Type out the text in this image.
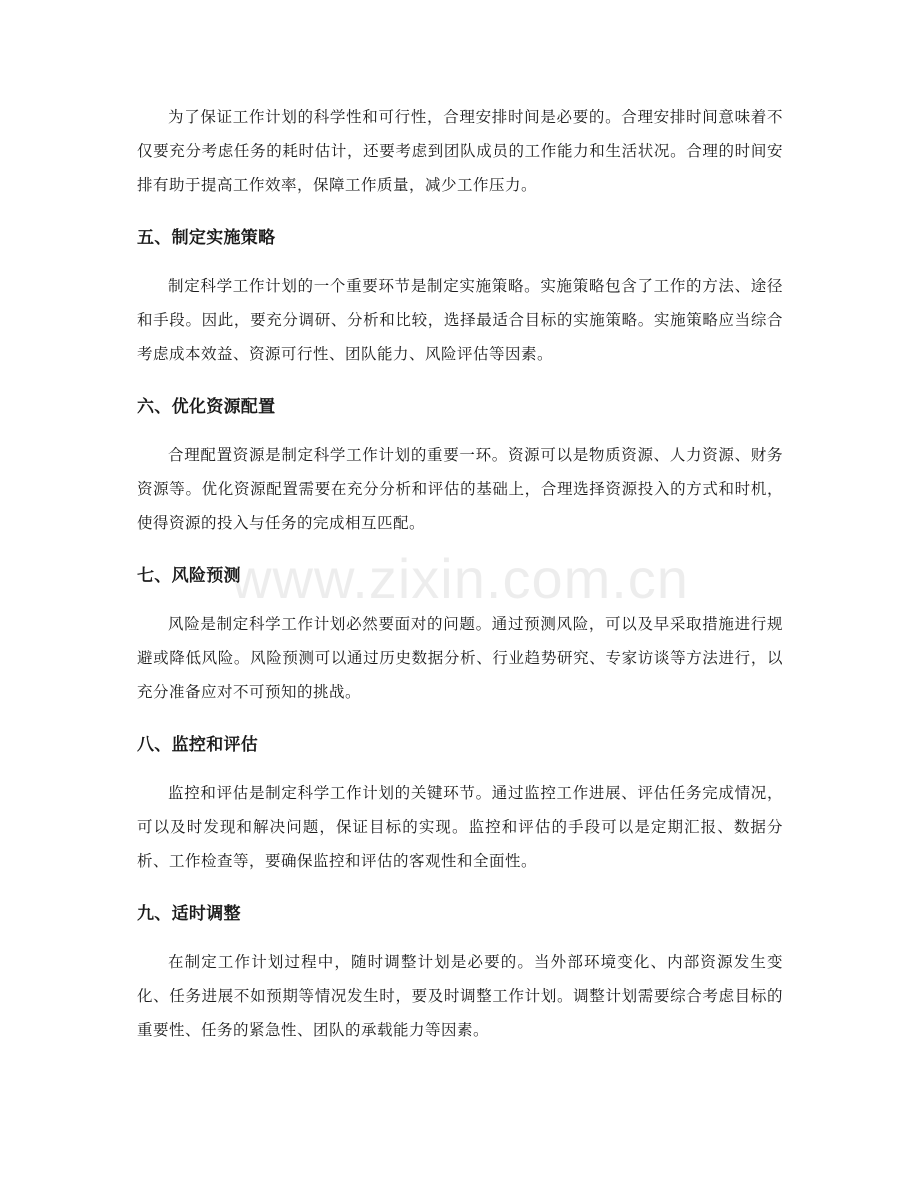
为了保证工作计划的科学性和可行性，合理安排时间是必要的。合理安排时间意味着不仅要充分考虑任务的耗时估计，还要考虑到团队成员的工作能力和生活状况。合理的时间安排有助于提高工作效率，保障工作质量，减少工作压力。

五、制定实施策略

制定科学工作计划的一个重要环节是制定实施策略。实施策略包含了工作的方法、途径和手段。因此，要充分调研、分析和比较，选择最适合目标的实施策略。实施策略应当综合考虑成本效益、资源可行性、团队能力、风险评估等因素。

六、优化资源配置

合理配置资源是制定科学工作计划的重要一环。资源可以是物质资源、人力资源、财务资源等。优化资源配置需要在充分分析和评估的基础上，合理选择资源投入的方式和时机，使得资源的投入与任务的完成相互匹配。

七、风险预测

风险是制定科学工作计划必然要面对的问题。通过预测风险，可以及早采取措施进行规避或降低风险。风险预测可以通过历史数据分析、行业趋势研究、专家访谈等方法进行，以充分准备应对不可预知的挑战。

八、监控和评估

监控和评估是制定科学工作计划的关键环节。通过监控工作进展、评估任务完成情况，可以及时发现和解决问题，保证目标的实现。监控和评估的手段可以是定期汇报、数据分析、工作检查等，要确保监控和评估的客观性和全面性。

九、适时调整

在制定工作计划过程中，随时调整计划是必要的。当外部环境变化、内部资源发生变化、任务进展不如预期等情况发生时，要及时调整工作计划。调整计划需要综合考虑目标的重要性、任务的紧急性、团队的承载能力等因素。

www.zixin.com.cn
